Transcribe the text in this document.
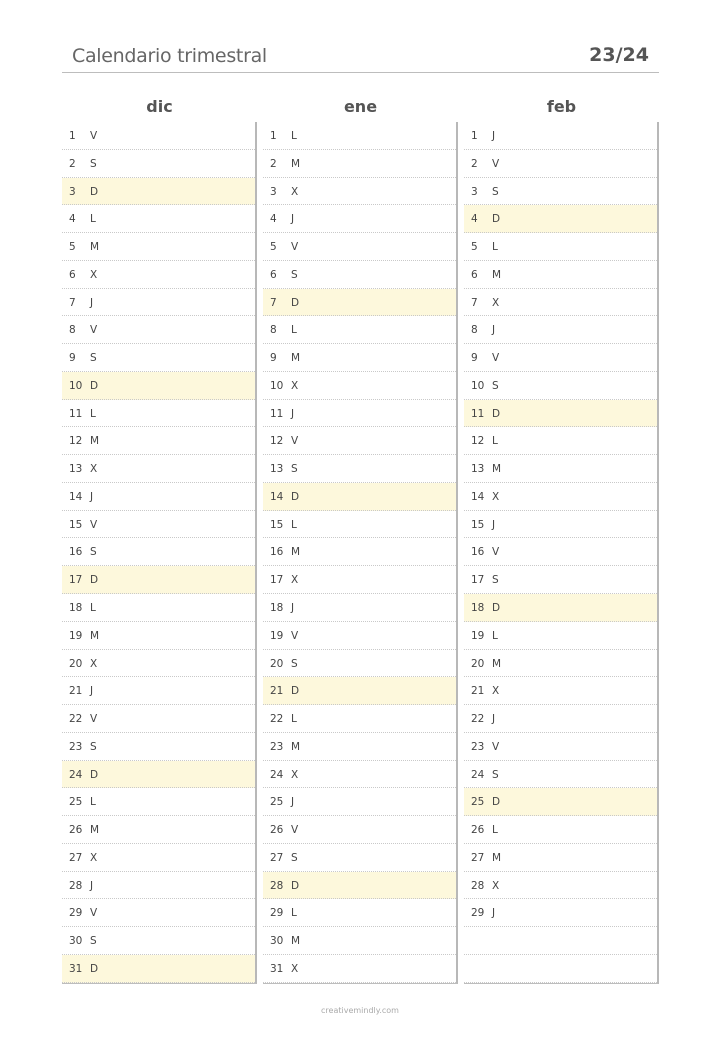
Calendario trimestral	23/24
dic
1	V
2	S
3	D
4	L
5	M
6	X
7	J
8	V
9	S
10 D
11 L
12 M
13 X
14 J
15 V
16 S
17 D
18 L
19 M
20 X
21 J
22 V
23 S
24 D
25 L
26 M
27 X
28 J
29 V
30 S
31 D
ene
1	L
2	M
3	X
4	J
5	V
6	S
7	D
8	L
9	M
10 X
11 J
12 V
13 S
14 D
15 L
16 M
17 X
18 J
19 V
20 S
21 D
22 L
23 M
24 X
25 J
26 V
27 S
28 D
29 L
30 M
31 X
feb
1	J
2	V
3	S
4	D
5	L
6	M
7	X
8	J
9	V
10 S
11 D
12 L
13 M
14 X
15 J
16 V
17 S
18 D
19 L
20 M
21 X
22 J
23 V
24 S
25 D
26 L
27 M
28 X
29 J
creativemindly.com
